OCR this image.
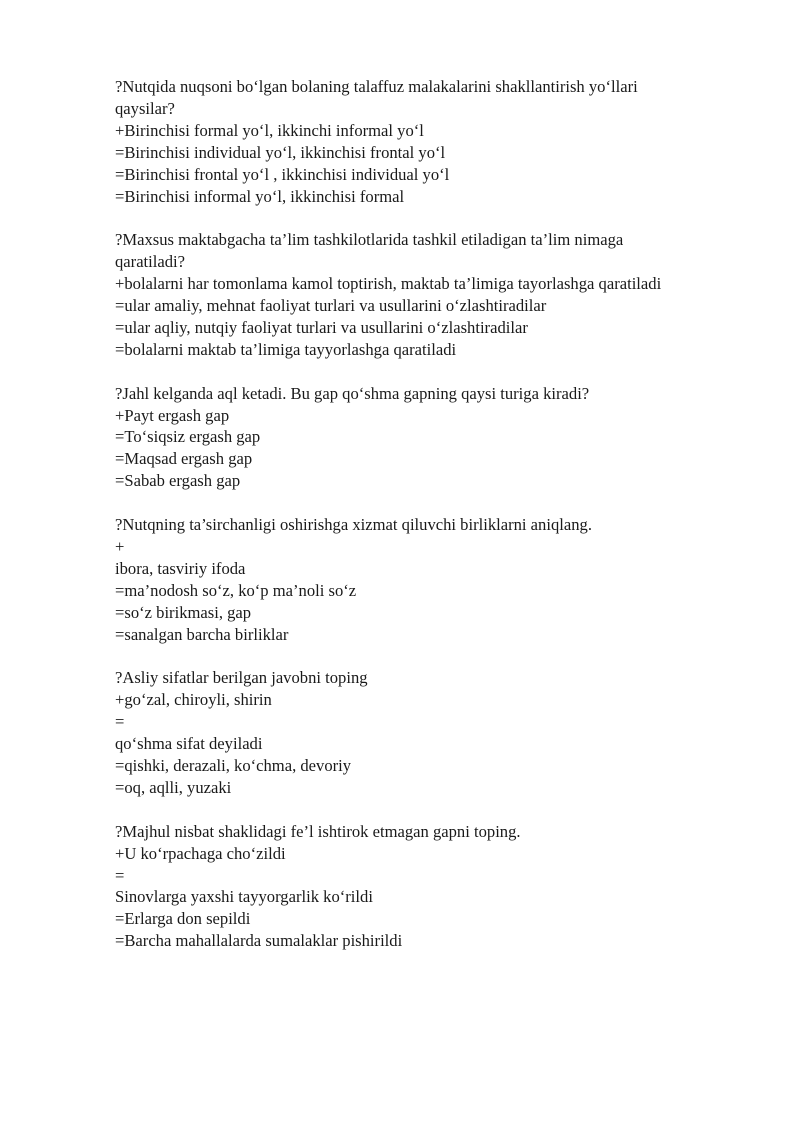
?Nutqida nuqsoni bo‘lgan bolaning talaffuz malakalarini shakllantirish yo‘llari
qaysilar?
+Birinchisi formal yo‘l, ikkinchi informal yo‘l
=Birinchisi individual yo‘l, ikkinchisi frontal yo‘l
=Birinchisi frontal yo‘l , ikkinchisi individual yo‘l
=Birinchisi informal yo‘l, ikkinchisi formal
?Maxsus maktabgacha ta’lim tashkilotlarida tashkil etiladigan ta’lim nimaga
qaratiladi?
+bolalarni har tomonlama kamol toptirish, maktab ta’limiga tayorlashga qaratiladi
=ular amaliy, mehnat faoliyat turlari va usullarini o‘zlashtiradilar
=ular aqliy, nutqiy faoliyat turlari va usullarini o‘zlashtiradilar
=bolalarni maktab ta’limiga tayyorlashga qaratiladi
?Jahl kelganda aql ketadi. Bu gap qo‘shma gapning qaysi turiga kiradi?
+Payt ergash gap
=To‘siqsiz ergash gap
=Maqsad ergash gap
=Sabab ergash gap
?Nutqning ta’sirchanligi oshirishga xizmat qiluvchi birliklarni aniqlang.
+
ibora, tasviriy ifoda
=ma’nodosh so‘z, ko‘p ma’noli so‘z
=so‘z birikmasi, gap
=sanalgan barcha birliklar
?Asliy sifatlar berilgan javobni toping
+go‘zal, chiroyli, shirin
=
qo‘shma sifat deyiladi
=qishki, derazali, ko‘chma, devoriy
=oq, aqlli, yuzaki
?Majhul nisbat shaklidagi fe’l ishtirok etmagan gapni toping.
+U ko‘rpachaga cho‘zildi
=
Sinovlarga yaxshi tayyorgarlik ko‘rildi
=Erlarga don sepildi
=Barcha mahallalarda sumalaklar pishirildi
